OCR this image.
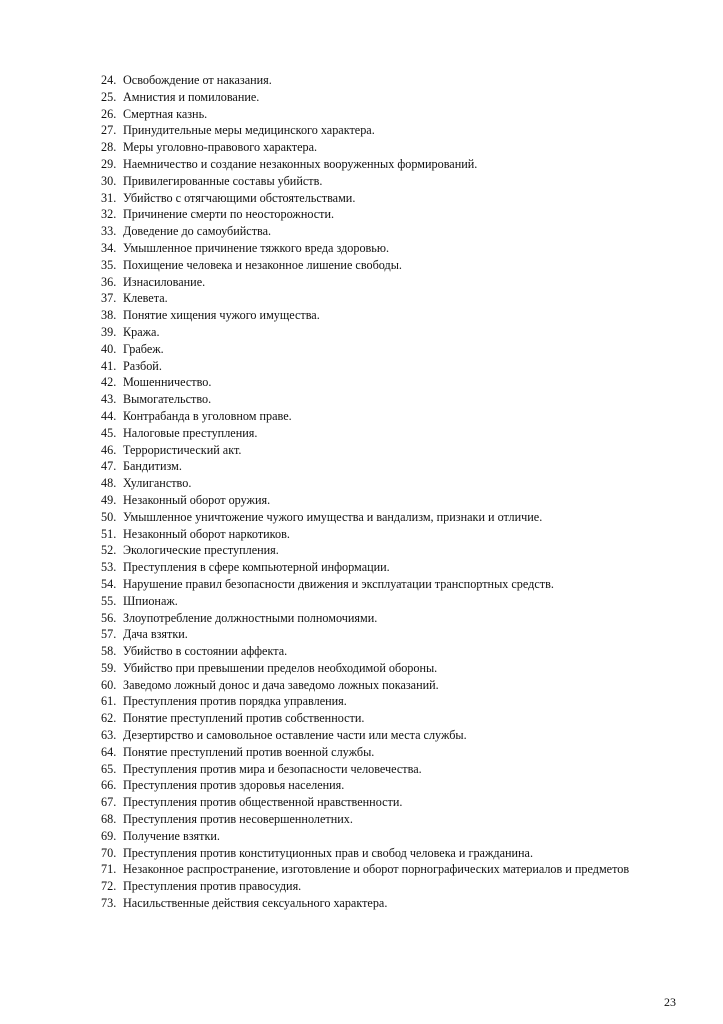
24. Освобождение от наказания.
25. Амнистия и помилование.
26. Смертная казнь.
27. Принудительные меры медицинского характера.
28. Меры уголовно-правового характера.
29. Наемничество и создание незаконных вооруженных формирований.
30. Привилегированные составы убийств.
31. Убийство с отягчающими обстоятельствами.
32. Причинение смерти по неосторожности.
33. Доведение до самоубийства.
34. Умышленное причинение тяжкого вреда здоровью.
35. Похищение человека и незаконное лишение свободы.
36. Изнасилование.
37. Клевета.
38. Понятие хищения чужого имущества.
39. Кража.
40. Грабеж.
41. Разбой.
42. Мошенничество.
43. Вымогательство.
44. Контрабанда в уголовном праве.
45. Налоговые преступления.
46. Террористический акт.
47. Бандитизм.
48. Хулиганство.
49. Незаконный оборот оружия.
50. Умышленное уничтожение чужого имущества и вандализм, признаки и отличие.
51. Незаконный оборот наркотиков.
52. Экологические преступления.
53. Преступления в сфере компьютерной информации.
54. Нарушение правил безопасности движения и эксплуатации транспортных средств.
55. Шпионаж.
56. Злоупотребление должностными полномочиями.
57. Дача взятки.
58. Убийство в состоянии аффекта.
59. Убийство при превышении пределов необходимой обороны.
60. Заведомо ложный донос и дача заведомо ложных показаний.
61. Преступления против порядка управления.
62. Понятие преступлений против собственности.
63. Дезертирство и самовольное оставление части или места службы.
64. Понятие преступлений против военной службы.
65. Преступления против мира и безопасности человечества.
66. Преступления против здоровья населения.
67. Преступления против общественной нравственности.
68. Преступления против несовершеннолетних.
69. Получение взятки.
70. Преступления против конституционных прав и свобод человека и гражданина.
71. Незаконное распространение, изготовление и оборот порнографических материалов и предметов
72. Преступления против правосудия.
73. Насильственные действия сексуального характера.
23
